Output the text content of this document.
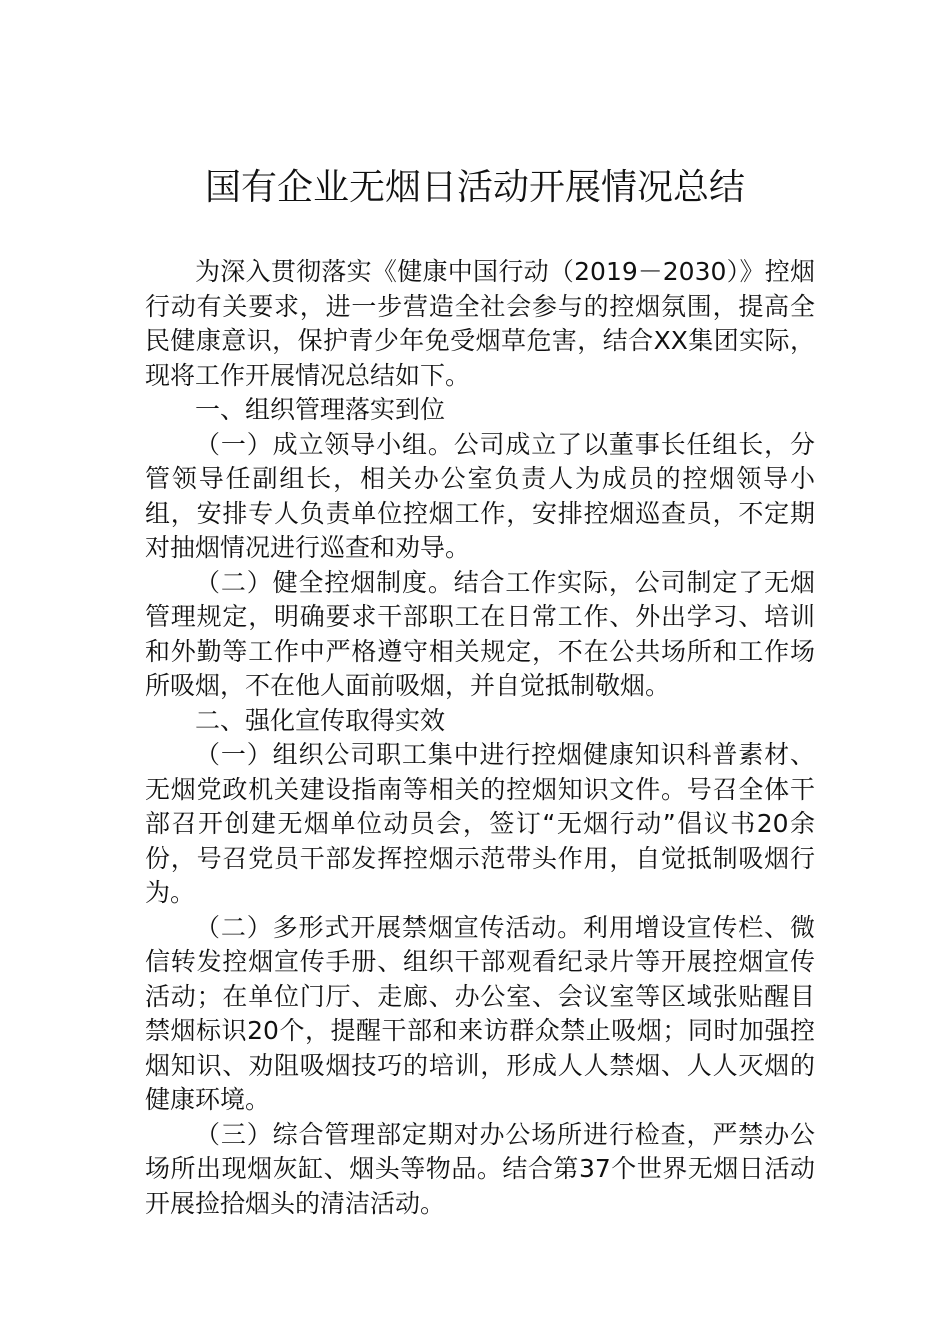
国有企业无烟日活动开展情况总结

为深入贯彻落实《健康中国行动（2019－2030）》控烟行动有关要求，进一步营造全社会参与的控烟氛围，提高全民健康意识，保护青少年免受烟草危害，结合XX集团实际，现将工作开展情况总结如下。

一、组织管理落实到位

（一）成立领导小组。公司成立了以董事长任组长，分管领导任副组长，相关办公室负责人为成员的控烟领导小组，安排专人负责单位控烟工作，安排控烟巡查员，不定期对抽烟情况进行巡查和劝导。

（二）健全控烟制度。结合工作实际，公司制定了无烟管理规定，明确要求干部职工在日常工作、外出学习、培训和外勤等工作中严格遵守相关规定，不在公共场所和工作场所吸烟，不在他人面前吸烟，并自觉抵制敬烟。

二、强化宣传取得实效

（一）组织公司职工集中进行控烟健康知识科普素材、无烟党政机关建设指南等相关的控烟知识文件。号召全体干部召开创建无烟单位动员会，签订“无烟行动”倡议书20余份，号召党员干部发挥控烟示范带头作用，自觉抵制吸烟行为。

（二）多形式开展禁烟宣传活动。利用增设宣传栏、微信转发控烟宣传手册、组织干部观看纪录片等开展控烟宣传活动；在单位门厅、走廊、办公室、会议室等区域张贴醒目禁烟标识20个，提醒干部和来访群众禁止吸烟；同时加强控烟知识、劝阻吸烟技巧的培训，形成人人禁烟、人人灭烟的健康环境。

（三）综合管理部定期对办公场所进行检查，严禁办公场所出现烟灰缸、烟头等物品。结合第37个世界无烟日活动开展捡拾烟头的清洁活动。
